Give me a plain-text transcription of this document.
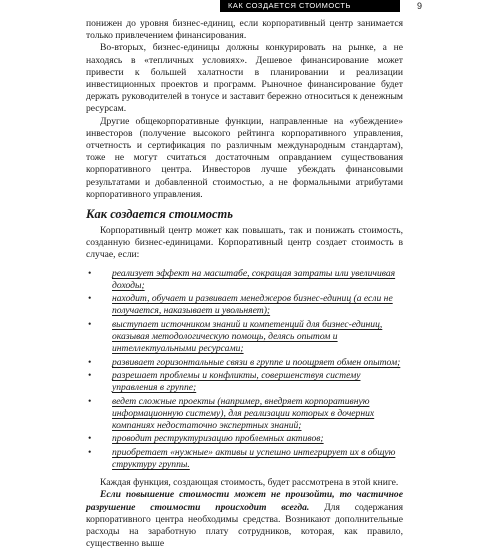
КАК СОЗДАЕТСЯ СТОИМОСТЬ	9

понижен до уровня бизнес-единиц, если корпоративный центр занимается только привлечением финансирования.

Во-вторых, бизнес-единицы должны конкурировать на рынке, а не находясь в «тепличных условиях». Дешевое финансирование может привести к большей халатности в планировании и реализации инвестиционных проектов и программ. Рыночное финансирование будет держать руководителей в тонусе и заставит бережно относиться к денежным ресурсам.

Другие общекорпоративные функции, направленные на «убеждение» инвесторов (получение высокого рейтинга корпоративного управления, отчетность и сертификация по различным международным стандартам), тоже не могут считаться достаточным оправданием существования корпоративного центра. Инвесторов лучше убеждать финансовыми результатами и добавленной стоимостью, а не формальными атрибутами корпоративного управления.

Как создается стоимость

Корпоративный центр может как повышать, так и понижать стоимость, созданную бизнес-единицами. Корпоративный центр создает стоимость в случае, если:

• реализует эффект на масштабе, сокращая затраты или увеличивая доходы;
• находит, обучает и развивает менеджеров бизнес-единиц (а если не получается, наказывает и увольняет);
• выступает источником знаний и компетенций для бизнес-единиц, оказывая методологическую помощь, делясь опытом и интеллектуальными ресурсами;
• развивает горизонтальные связи в группе и поощряет обмен опытом;
• разрешает проблемы и конфликты, совершенствуя систему управления в группе;
• ведет сложные проекты (например, внедряет корпоративную информационную систему), для реализации которых в дочерних компаниях недостаточно экспертных знаний;
• проводит реструктуризацию проблемных активов;
• приобретает «нужные» активы и успешно интегрирует их в общую структуру группы.

Каждая функция, создающая стоимость, будет рассмотрена в этой книге.

Если повышение стоимости может не произойти, то частичное разрушение стоимости происходит всегда. Для содержания корпоративного центра необходимы средства. Возникают дополнительные расходы на заработную плату сотрудников, которая, как правило, существенно выше
